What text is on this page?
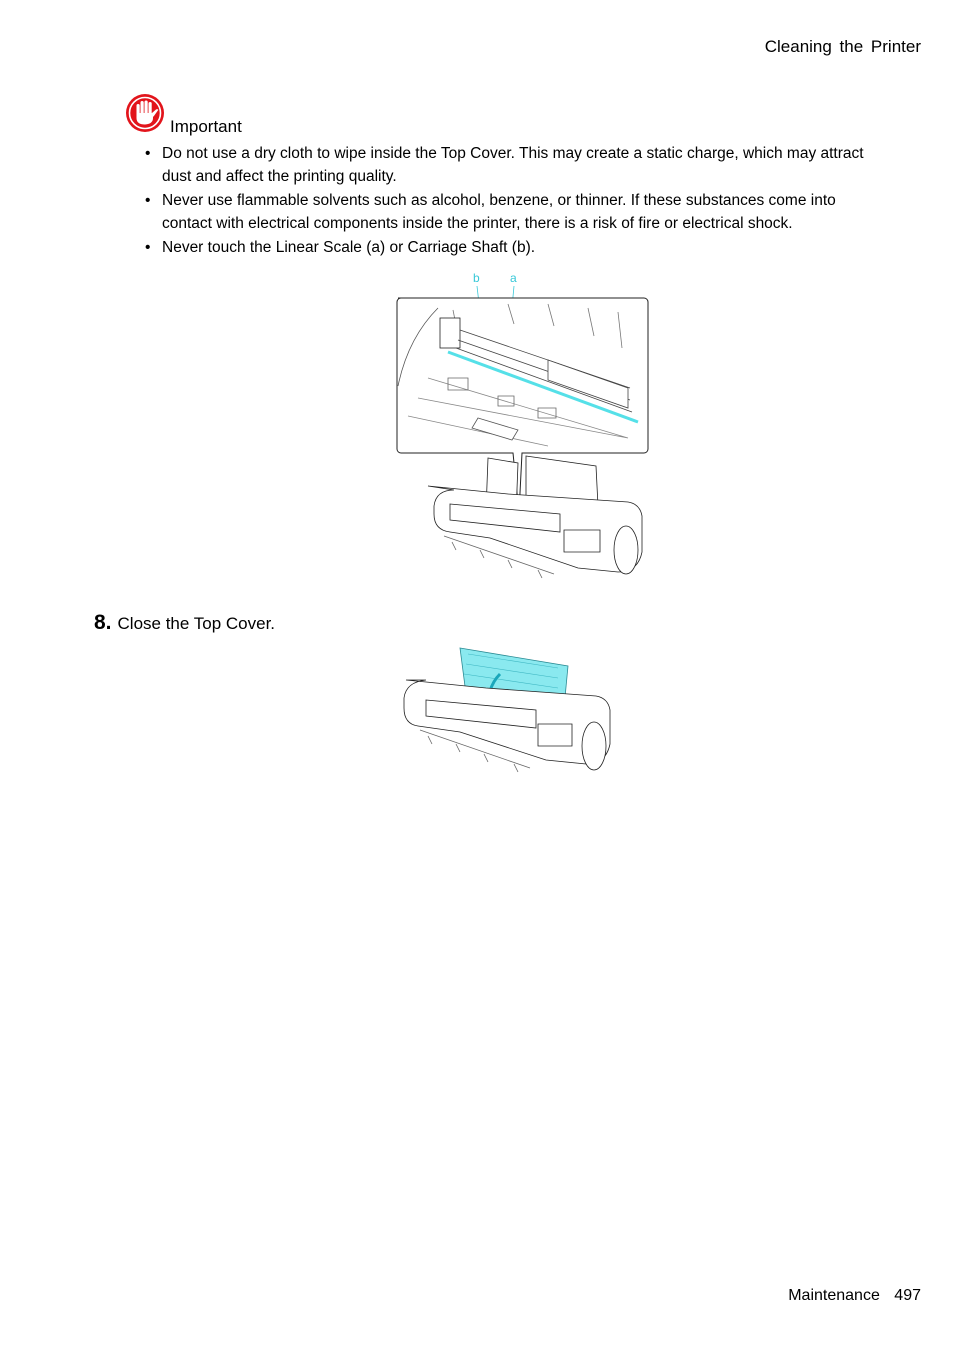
Cleaning the Printer
Important
• Do not use a dry cloth to wipe inside the Top Cover. This may create a static charge, which may attract dust and affect the printing quality.
• Never use flammable solvents such as alcohol, benzene, or thinner. If these substances come into contact with electrical components inside the printer, there is a risk of fire or electrical shock.
• Never touch the Linear Scale (a) or Carriage Shaft (b).
b	a
8. Close the Top Cover.
Maintenance 497
